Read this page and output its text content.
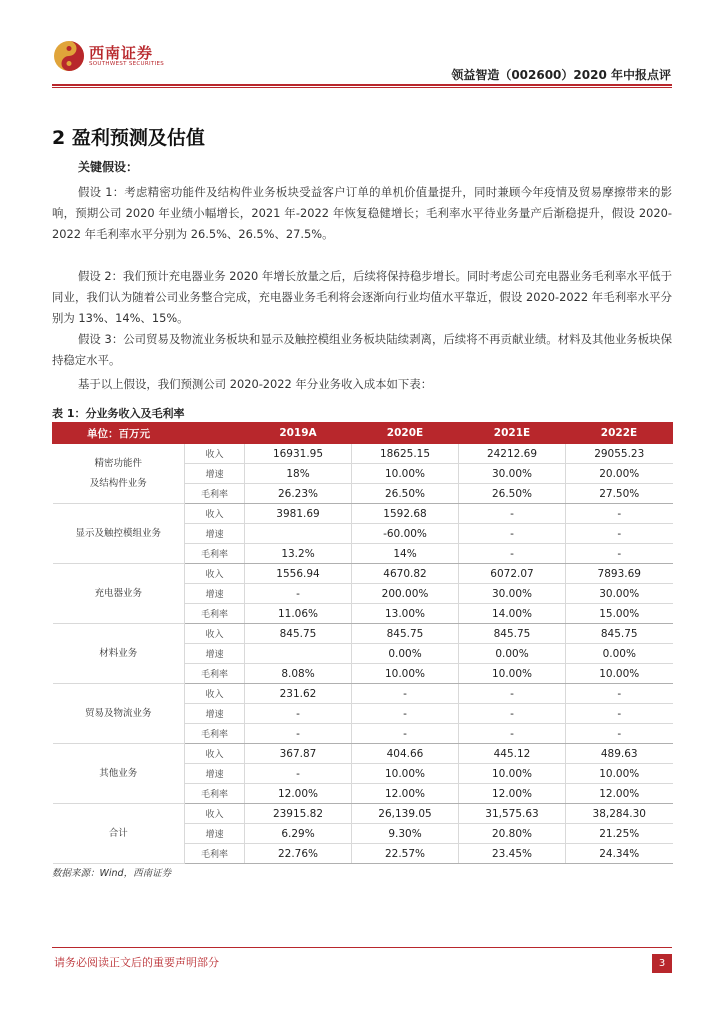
西南证券
SOUTHWEST SECURITIES
领益智造（002600）2020 年中报点评
2 盈利预测及估值
关键假设：
假设 1：考虑精密功能件及结构件业务板块受益客户订单的单机价值量提升，同时兼顾今年疫情及贸易摩擦带来的影响，预期公司 2020 年业绩小幅增长，2021 年-2022 年恢复稳健增长；毛利率水平待业务量产后渐稳提升，假设 2020-2022 年毛利率水平分别为 26.5%、26.5%、27.5%。
假设 2：我们预计充电器业务 2020 年增长放量之后，后续将保持稳步增长。同时考虑公司充电器业务毛利率水平低于同业，我们认为随着公司业务整合完成，充电器业务毛利将会逐渐向行业均值水平靠近，假设 2020-2022 年毛利率水平分别为 13%、14%、15%。
假设 3：公司贸易及物流业务板块和显示及触控模组业务板块陆续剥离，后续将不再贡献业绩。材料及其他业务板块保持稳定水平。
基于以上假设，我们预测公司 2020-2022 年分业务收入成本如下表：
表 1：分业务收入及毛利率
单位：百万元		2019A	2020E	2021E	2022E
精密功能件
及结构件业务	收入	16931.95	18625.15	24212.69	29055.23
	增速	18%	10.00%	30.00%	20.00%
	毛利率	26.23%	26.50%	26.50%	27.50%
显示及触控模组业务	收入	3981.69	1592.68	-	-
	增速		-60.00%	-	-
	毛利率	13.2%	14%	-	-
充电器业务	收入	1556.94	4670.82	6072.07	7893.69
	增速	-	200.00%	30.00%	30.00%
	毛利率	11.06%	13.00%	14.00%	15.00%
材料业务	收入	845.75	845.75	845.75	845.75
	增速		0.00%	0.00%	0.00%
	毛利率	8.08%	10.00%	10.00%	10.00%
贸易及物流业务	收入	231.62	-	-	-
	增速	-	-	-	-
	毛利率	-	-	-	-
其他业务	收入	367.87	404.66	445.12	489.63
	增速	-	10.00%	10.00%	10.00%
	毛利率	12.00%	12.00%	12.00%	12.00%
合计	收入	23915.82	26,139.05	31,575.63	38,284.30
	增速	6.29%	9.30%	20.80%	21.25%
	毛利率	22.76%	22.57%	23.45%	24.34%
数据来源：Wind，西南证券
请务必阅读正文后的重要声明部分	3
